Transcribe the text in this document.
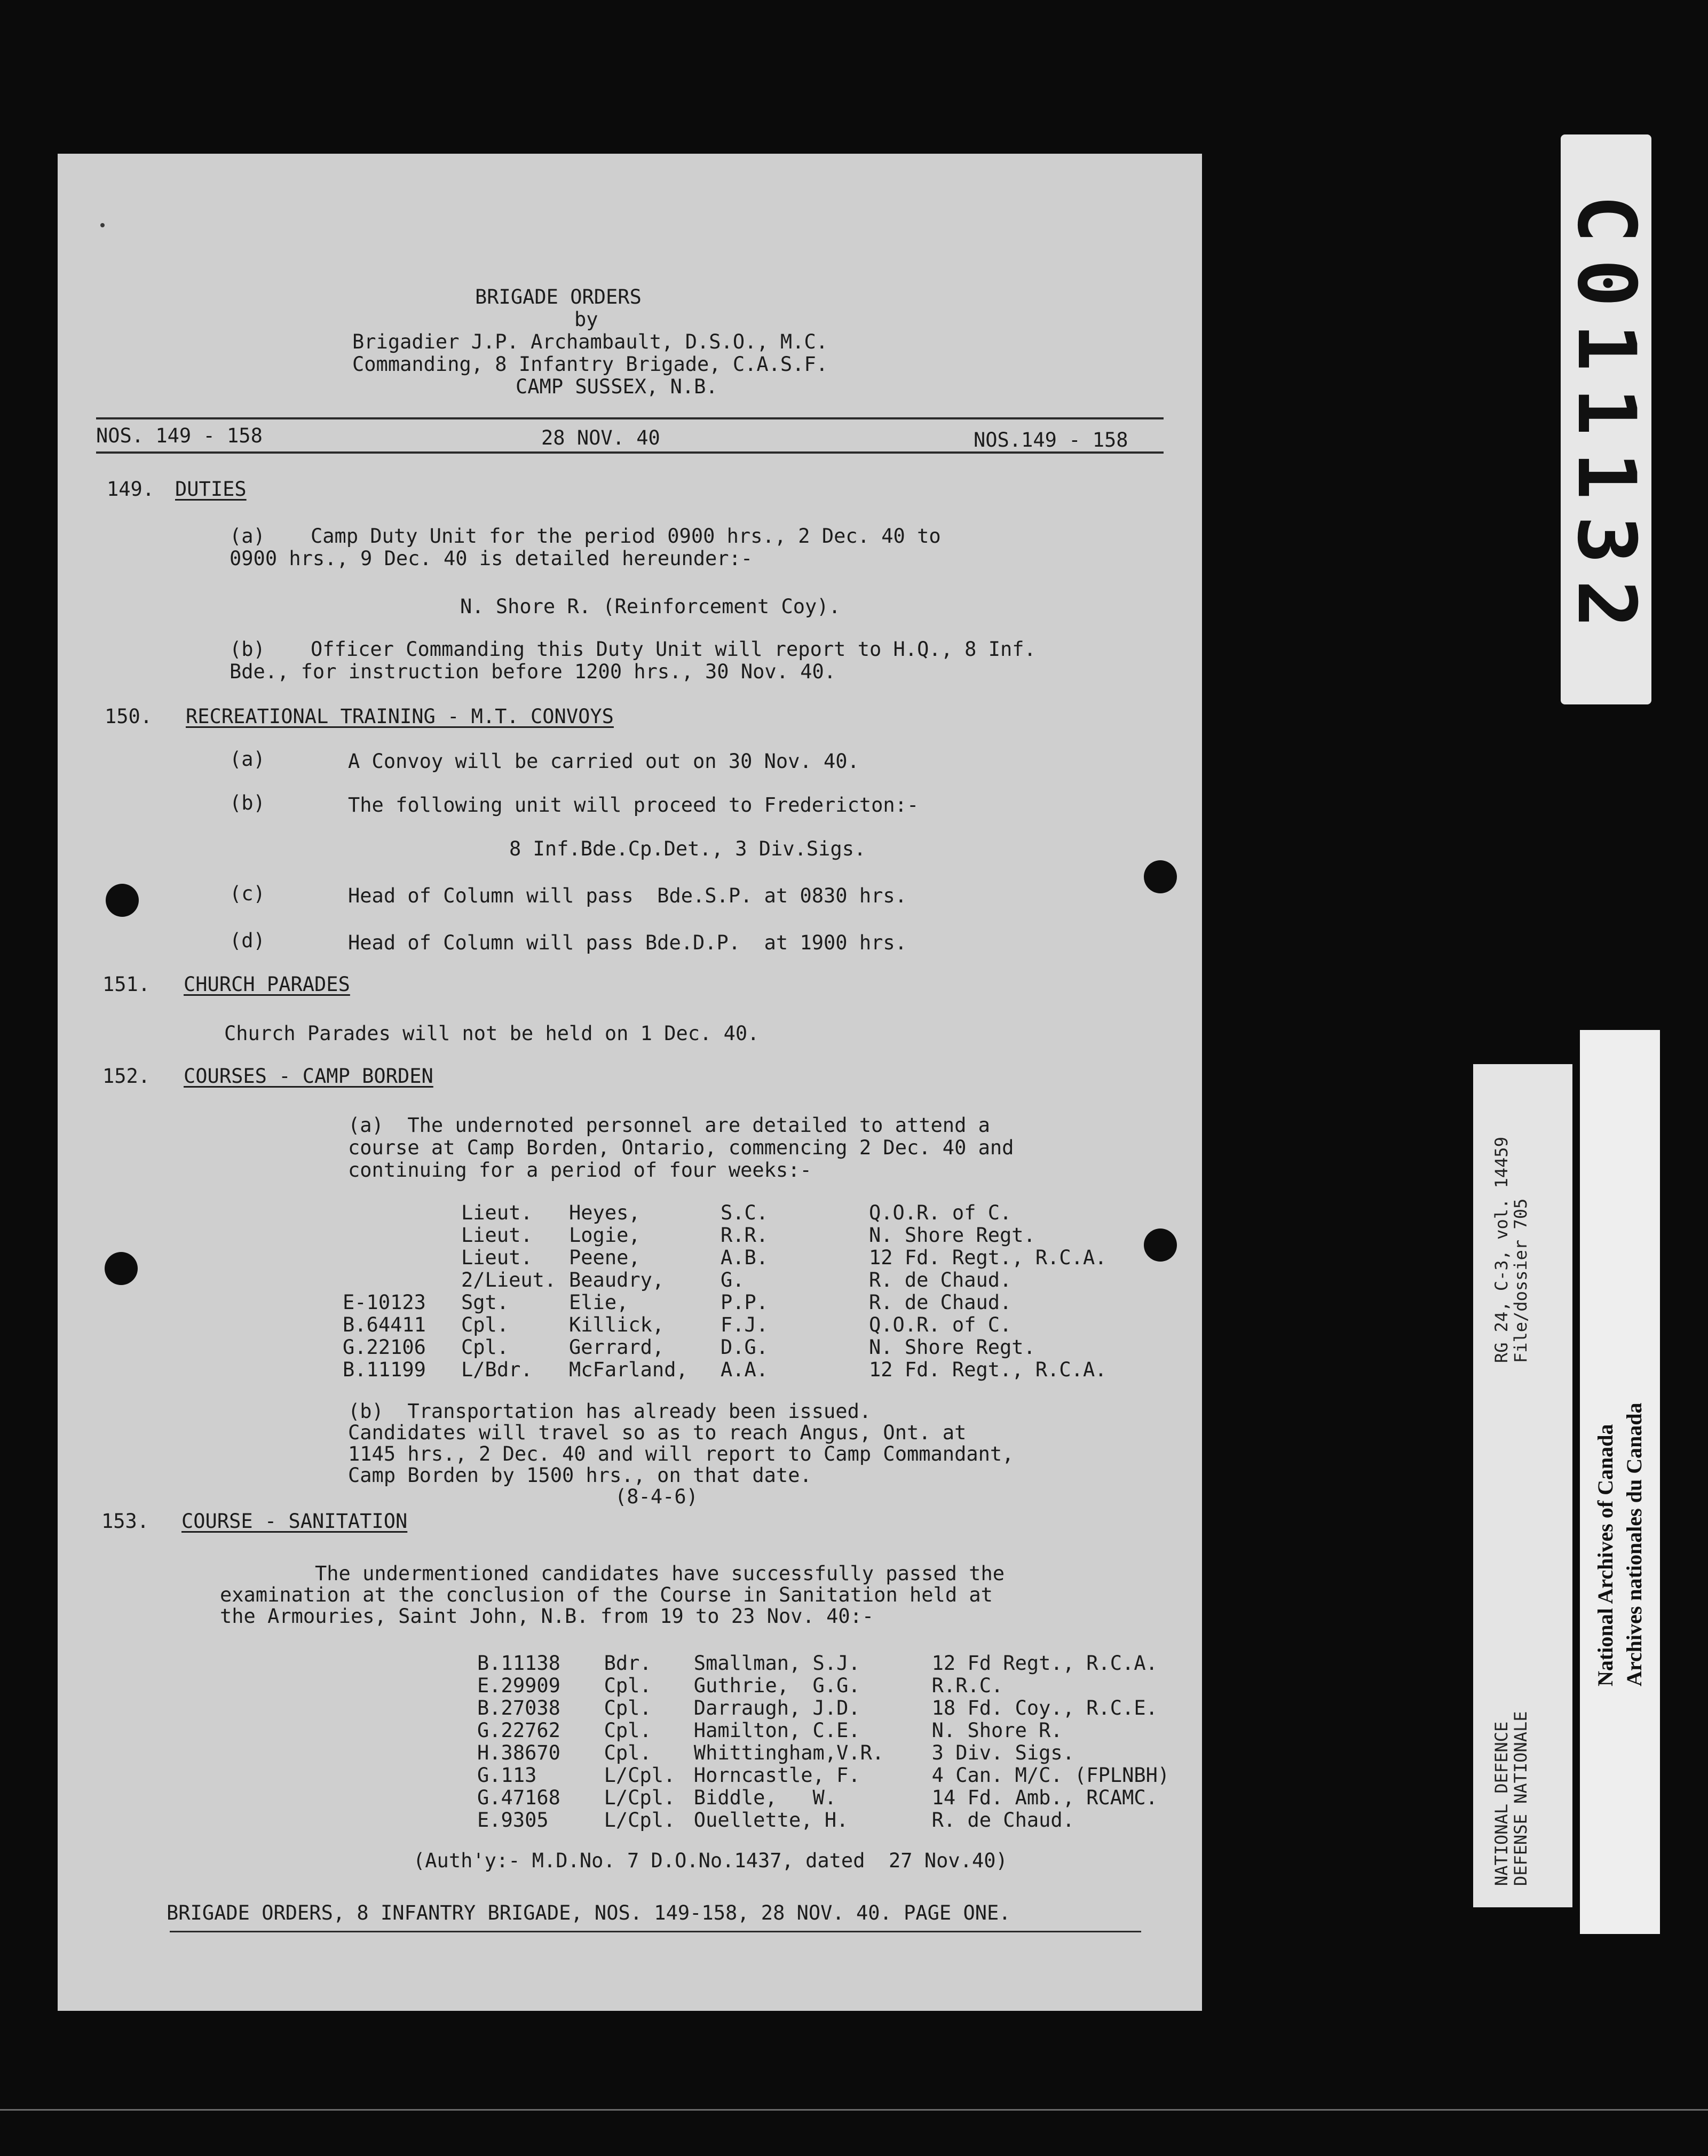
BRIGADE ORDERS
by
Brigadier J.P. Archambault, D.S.O., M.C.
Commanding, 8 Infantry Brigade, C.A.S.F.
CAMP SUSSEX, N.B.
NOS. 149 - 158	28 NOV. 40	NOS.149 - 158
149. DUTIES
(a) Camp Duty Unit for the period 0900 hrs., 2 Dec. 40 to
0900 hrs., 9 Dec. 40 is detailed hereunder:-
N. Shore R. (Reinforcement Coy).
(b) Officer Commanding this Duty Unit will report to H.Q., 8 Inf.
Bde., for instruction before 1200 hrs., 30 Nov. 40.
150. RECREATIONAL TRAINING - M.T. CONVOYS
(a)	A Convoy will be carried out on 30 Nov. 40.
(b)	The following unit will proceed to Fredericton:-
8 Inf.Bde.Cp.Det., 3 Div.Sigs.
(c)	Head of Column will pass  Bde.S.P. at 0830 hrs.
(d)	Head of Column will pass Bde.D.P.  at 1900 hrs.
151. CHURCH PARADES
Church Parades will not be held on 1 Dec. 40.
152. COURSES - CAMP BORDEN
(a)  The undernoted personnel are detailed to attend a
course at Camp Borden, Ontario, commencing 2 Dec. 40 and
continuing for a period of four weeks:-
	Lieut.	Heyes,	S.C.	Q.O.R. of C.
	Lieut.	Logie,	R.R.	N. Shore Regt.
	Lieut.	Peene,	A.B.	12 Fd. Regt., R.C.A.
	2/Lieut.	Beaudry,	G.	R. de Chaud.
E-10123	Sgt.	Elie,	P.P.	R. de Chaud.
B.64411	Cpl.	Killick,	F.J.	Q.O.R. of C.
G.22106	Cpl.	Gerrard,	D.G.	N. Shore Regt.
B.11199	L/Bdr.	McFarland,	A.A.	12 Fd. Regt., R.C.A.
(b)  Transportation has already been issued.
Candidates will travel so as to reach Angus, Ont. at
1145 hrs., 2 Dec. 40 and will report to Camp Commandant,
Camp Borden by 1500 hrs., on that date.
(8-4-6)
153. COURSE - SANITATION
The undermentioned candidates have successfully passed the
examination at the conclusion of the Course in Sanitation held at
the Armouries, Saint John, N.B. from 19 to 23 Nov. 40:-
B.11138	Bdr.	Smallman, S.J.	12 Fd Regt., R.C.A.
E.29909	Cpl.	Guthrie,  G.G.	R.R.C.
B.27038	Cpl.	Darraugh, J.D.	18 Fd. Coy., R.C.E.
G.22762	Cpl.	Hamilton, C.E.	N. Shore R.
H.38670	Cpl.	Whittingham,V.R.	3 Div. Sigs.
G.113	L/Cpl.	Horncastle, F.	4 Can. M/C. (FPLNBH)
G.47168	L/Cpl.	Biddle,   W.	14 Fd. Amb., RCAMC.
E.9305	L/Cpl.	Ouellette, H.	R. de Chaud.
(Auth'y:- M.D.No. 7 D.O.No.1437, dated  27 Nov.40)
BRIGADE ORDERS, 8 INFANTRY BRIGADE, NOS. 149-158, 28 NOV. 40. PAGE ONE.
C011132
RG 24, C-3, vol. 14459
File/dossier 705
NATIONAL DEFENCE
DEFENSE NATIONALE
National Archives of Canada Archives nationales du Canada
